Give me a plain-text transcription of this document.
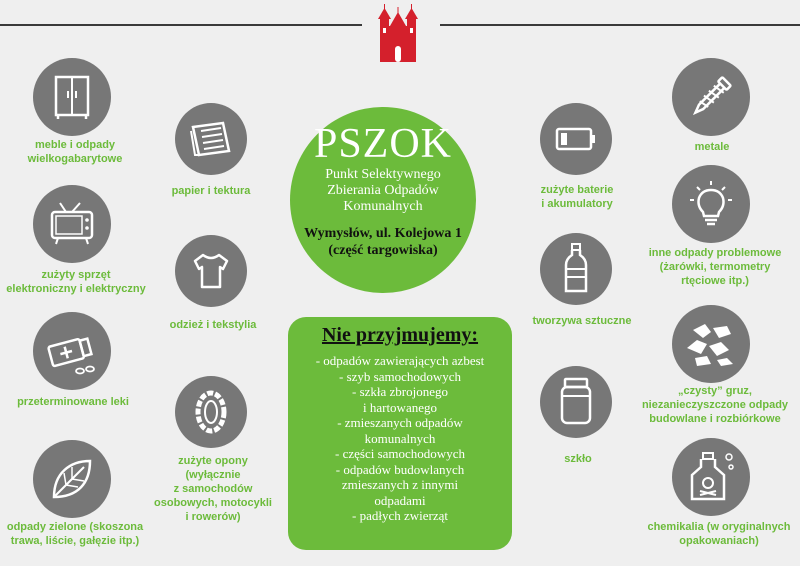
PSZOK
Punkt Selektywnego
Zbierania Odpadów
Komunalnych
Wymysłów, ul. Kolejowa 1
(część targowiska)
Nie przyjmujemy:
- odpadów zawierających azbest
- szyb samochodowych
- szkła zbrojonego
i hartowanego
- zmieszanych odpadów
komunalnych
- części samochodowych
- odpadów budowlanych
zmieszanych z innymi
odpadami
- padłych zwierząt
meble i odpady
wielkogabarytowe
papier i tektura
zużyty sprzęt
elektroniczny i elektryczny
odzież i tekstylia
przeterminowane leki
zużyte opony
(wyłącznie
z samochodów
osobowych, motocykli
i rowerów)
odpady zielone (skoszona
trawa, liście, gałęzie itp.)
zużyte baterie
i akumulatory
metale
tworzywa sztuczne
inne odpady problemowe
(żarówki, termometry
rtęciowe itp.)
„czysty” gruz,
niezanieczyszczone odpady
budowlane i rozbiórkowe
szkło
chemikalia (w oryginalnych
opakowaniach)
